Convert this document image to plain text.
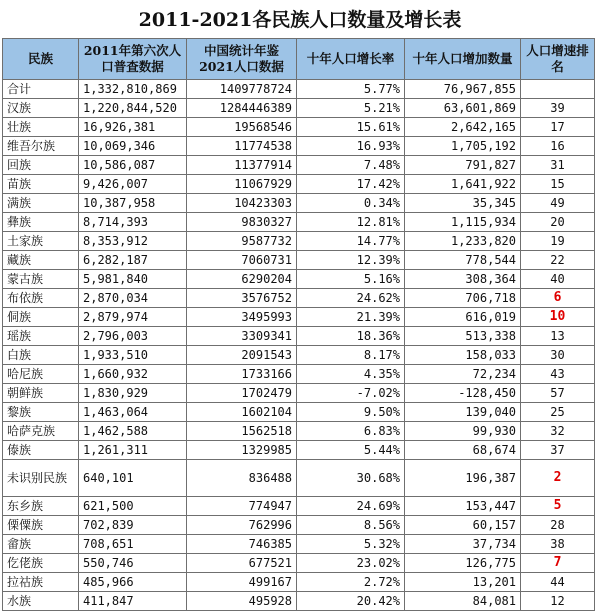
2011-2021各民族人口数量及增长表
民族	2011年第六次人口普查数据	中国统计年鉴2021人口数据	十年人口增长率	十年人口增加数量	人口增速排名
合计	1,332,810,869	1409778724	5.77%	76,967,855	
汉族	1,220,844,520	1284446389	5.21%	63,601,869	39
壮族	16,926,381	19568546	15.61%	2,642,165	17
维吾尔族	10,069,346	11774538	16.93%	1,705,192	16
回族	10,586,087	11377914	7.48%	791,827	31
苗族	9,426,007	11067929	17.42%	1,641,922	15
满族	10,387,958	10423303	0.34%	35,345	49
彝族	8,714,393	9830327	12.81%	1,115,934	20
土家族	8,353,912	9587732	14.77%	1,233,820	19
藏族	6,282,187	7060731	12.39%	778,544	22
蒙古族	5,981,840	6290204	5.16%	308,364	40
布依族	2,870,034	3576752	24.62%	706,718	6
侗族	2,879,974	3495993	21.39%	616,019	10
瑶族	2,796,003	3309341	18.36%	513,338	13
白族	1,933,510	2091543	8.17%	158,033	30
哈尼族	1,660,932	1733166	4.35%	72,234	43
朝鲜族	1,830,929	1702479	-7.02%	-128,450	57
黎族	1,463,064	1602104	9.50%	139,040	25
哈萨克族	1,462,588	1562518	6.83%	99,930	32
傣族	1,261,311	1329985	5.44%	68,674	37
未识别民族	640,101	836488	30.68%	196,387	2
东乡族	621,500	774947	24.69%	153,447	5
傈僳族	702,839	762996	8.56%	60,157	28
畲族	708,651	746385	5.32%	37,734	38
仡佬族	550,746	677521	23.02%	126,775	7
拉祜族	485,966	499167	2.72%	13,201	44
水族	411,847	495928	20.42%	84,081	12
